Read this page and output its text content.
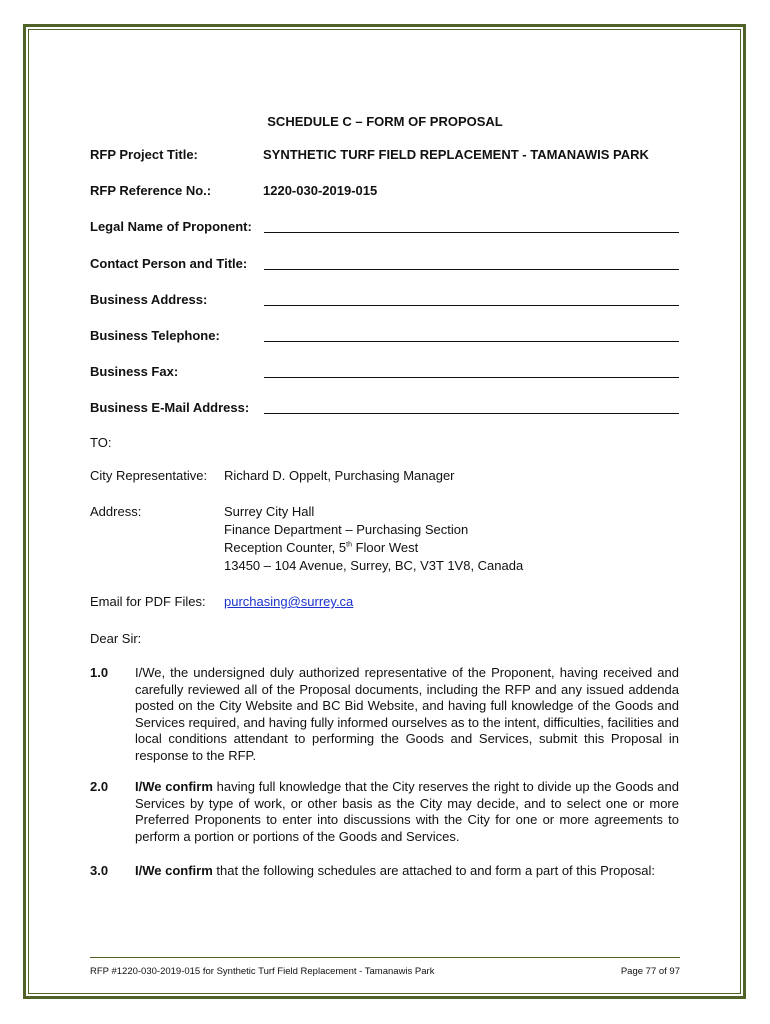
SCHEDULE C – FORM OF PROPOSAL
RFP Project Title:	SYNTHETIC TURF FIELD REPLACEMENT - TAMANAWIS PARK
RFP Reference No.:	1220-030-2019-015
Legal Name of Proponent:
Contact Person and Title:
Business Address:
Business Telephone:
Business Fax:
Business E-Mail Address:
TO:
City Representative: Richard D. Oppelt, Purchasing Manager
Address:	Surrey City Hall
Finance Department – Purchasing Section
Reception Counter, 5th Floor West
13450 – 104 Avenue, Surrey, BC, V3T 1V8, Canada
Email for PDF Files: purchasing@surrey.ca
Dear Sir:
1.0 I/We, the undersigned duly authorized representative of the Proponent, having received and carefully reviewed all of the Proposal documents, including the RFP and any issued addenda posted on the City Website and BC Bid Website, and having full knowledge of the Goods and Services required, and having fully informed ourselves as to the intent, difficulties, facilities and local conditions attendant to performing the Goods and Services, submit this Proposal in response to the RFP.
2.0 I/We confirm having full knowledge that the City reserves the right to divide up the Goods and Services by type of work, or other basis as the City may decide, and to select one or more Preferred Proponents to enter into discussions with the City for one or more agreements to perform a portion or portions of the Goods and Services.
3.0 I/We confirm that the following schedules are attached to and form a part of this Proposal:
RFP #1220-030-2019-015 for Synthetic Turf Field Replacement - Tamanawis Park	Page 77 of 97
